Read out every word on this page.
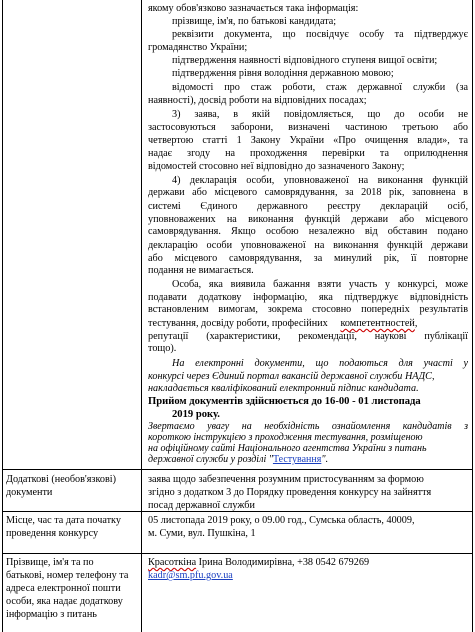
якому обов'язково зазначається така інформація:
прізвище, ім'я, по батькові кандидата;
реквізити документа, що посвідчує особу та підтверджує
громадянство України;
підтвердження наявності відповідного ступеня вищої освіти;
підтвердження рівня володіння державною мовою;
відомості про стаж роботи, стаж державної служби (за
наявності), досвід роботи на відповідних посадах;
3) заява, в якій повідомляється, що до особи не
застосовуються заборони, визначені частиною третьою або
четвертою статті 1 Закону України «Про очищення влади», та
надає згоду на проходження перевірки та оприлюднення
відомостей стосовно неї відповідно до зазначеного Закону;
4) декларація особи, уповноваженої на виконання функцій
держави або місцевого самоврядування, за 2018 рік, заповнена в
системі Єдиного державного реєстру декларацій осіб,
уповноважених на виконання функцій держави або місцевого
самоврядування. Якщо особою незалежно від обставин подано
декларацію особи уповноваженої на виконання функцій держави
або місцевого самоврядування, за минулий рік, її повторне
подання не вимагається.
Особа, яка виявила бажання взяти участь у конкурсі, може
подавати додаткову інформацію, яка підтверджує відповідність
встановленим вимогам, зокрема стосовно попередніх результатів
тестування, досвіду роботи, професійних компетентностей,
репутації (характеристики, рекомендації, наукові публікації
тощо).
На електронні документи, що подаються для участі у
конкурсі через Єдиний портал вакансій державної служби НАДС,
накладається кваліфікований електронний підпис кандидата.
Прийом документів здійснюється до 16-00 - 01 листопада
2019 року.
Додаткові (необов'язкові)
документи
заява щодо забезпечення розумним пристосуванням за формою
згідно з додатком 3 до Порядку проведення конкурсу на зайняття
посад державної служби
Місце, час та дата початку
проведення конкурсу
05 листопада 2019 року, о 09.00 год., Сумська область, 40009,
м. Суми, вул. Пушкіна, 1
Прізвище, ім'я та по
батькові, номер телефону та
адреса електронної пошти
особи, яка надає додаткову
інформацію з питань
Красоткіна Ірина Володимирівна, +38 0542 679269
kadr@sm.pfu.gov.ua
Звертаємо увагу на необхідність ознайомлення кандидатів з
короткою інструкцією з проходження тестування, розміщеною
на офіційному сайті Національного агентства України з питань
державної служби у розділі "Тестування".
